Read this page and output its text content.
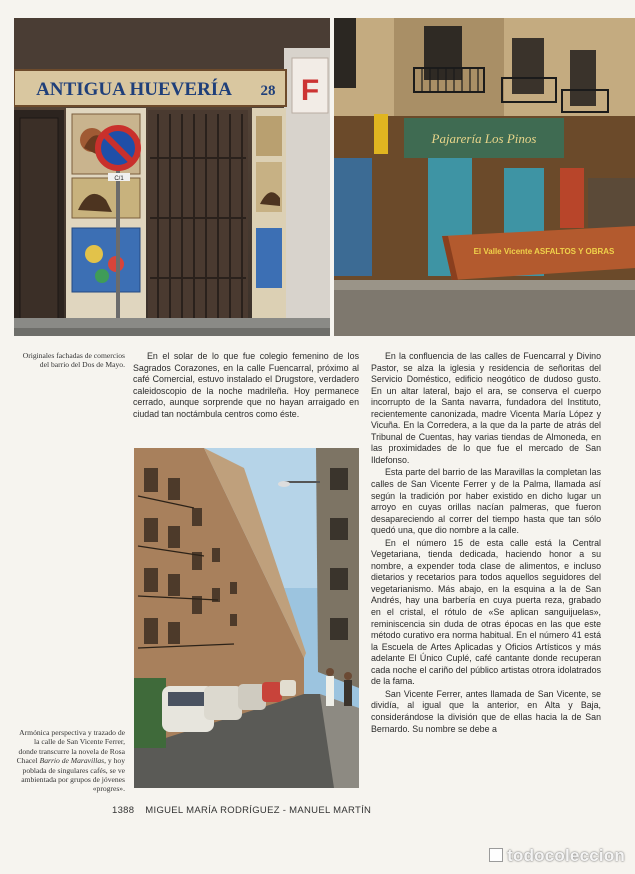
F
ANTIGUA HUEVERÍA 28
C/1
Pajarería Los Pinos
El Valle Vicente ASFALTOS Y OBRAS
Originales fachadas de comercios del barrio del Dos de Mayo.

En el solar de lo que fue colegio femenino de los Sagrados Corazones, en la calle Fuencarral, próximo al café Comercial, estuvo instalado el Drugstore, verdadero caleidoscopio de la noche madrileña. Hoy permanece cerrado, aunque sorprende que no hayan arraigado en ciudad tan noctámbula centros como éste.

En la confluencia de las calles de Fuencarral y Divino Pastor, se alza la iglesia y residencia de señoritas del Servicio Doméstico, edificio neogótico de dudoso gusto. En un altar lateral, bajo el ara, se conserva el cuerpo incorrupto de la Santa navarra, fundadora del Instituto, recientemente canonizada, madre Vicenta María López y Vicuña. En la Corredera, a la que da la parte de atrás del Tribunal de Cuentas, hay varias tiendas de Almoneda, en las proximidades de lo que fue el mercado de San Ildefonso.

Esta parte del barrio de las Maravillas la completan las calles de San Vicente Ferrer y de la Palma, llamada así según la tradición por haber existido en dicho lugar un arroyo en cuyas orillas nacían palmeras, que fueron desapareciendo al correr del tiempo hasta que tan sólo quedó una, que dio nombre a la calle.

En el número 15 de esta calle está la Central Vegetariana, tienda dedicada, haciendo honor a su nombre, a expender toda clase de alimentos, e incluso dietarios y recetarios para todos aquellos seguidores del vegetarianismo. Más abajo, en la esquina a la de San Andrés, hay una barbería en cuya puerta reza, grabado en el cristal, el rótulo de «Se aplican sanguijuelas», reminiscencia sin duda de otras épocas en las que este método curativo era norma habitual. En el número 41 está la Escuela de Artes Aplicadas y Oficios Artísticos y más adelante El Único Cuplé, café cantante donde recuperan cada noche el cariño del público artistas otrora idolatrados de la fama.

San Vicente Ferrer, antes llamada de San Vicente, se dividía, al igual que la anterior, en Alta y Baja, considerándose la división que de ellas hacia la de San Bernardo. Su nombre se debe a

Armónica perspectiva y trazado de la calle de San Vicente Ferrer, donde transcurre la novela de Rosa Chacel Barrio de Maravillas, y hoy poblada de singulares cafés, se ve ambientada por grupos de jóvenes «progres».
1388 MIGUEL MARÍA RODRÍGUEZ - MANUEL MARTÍN
todocoleccion
